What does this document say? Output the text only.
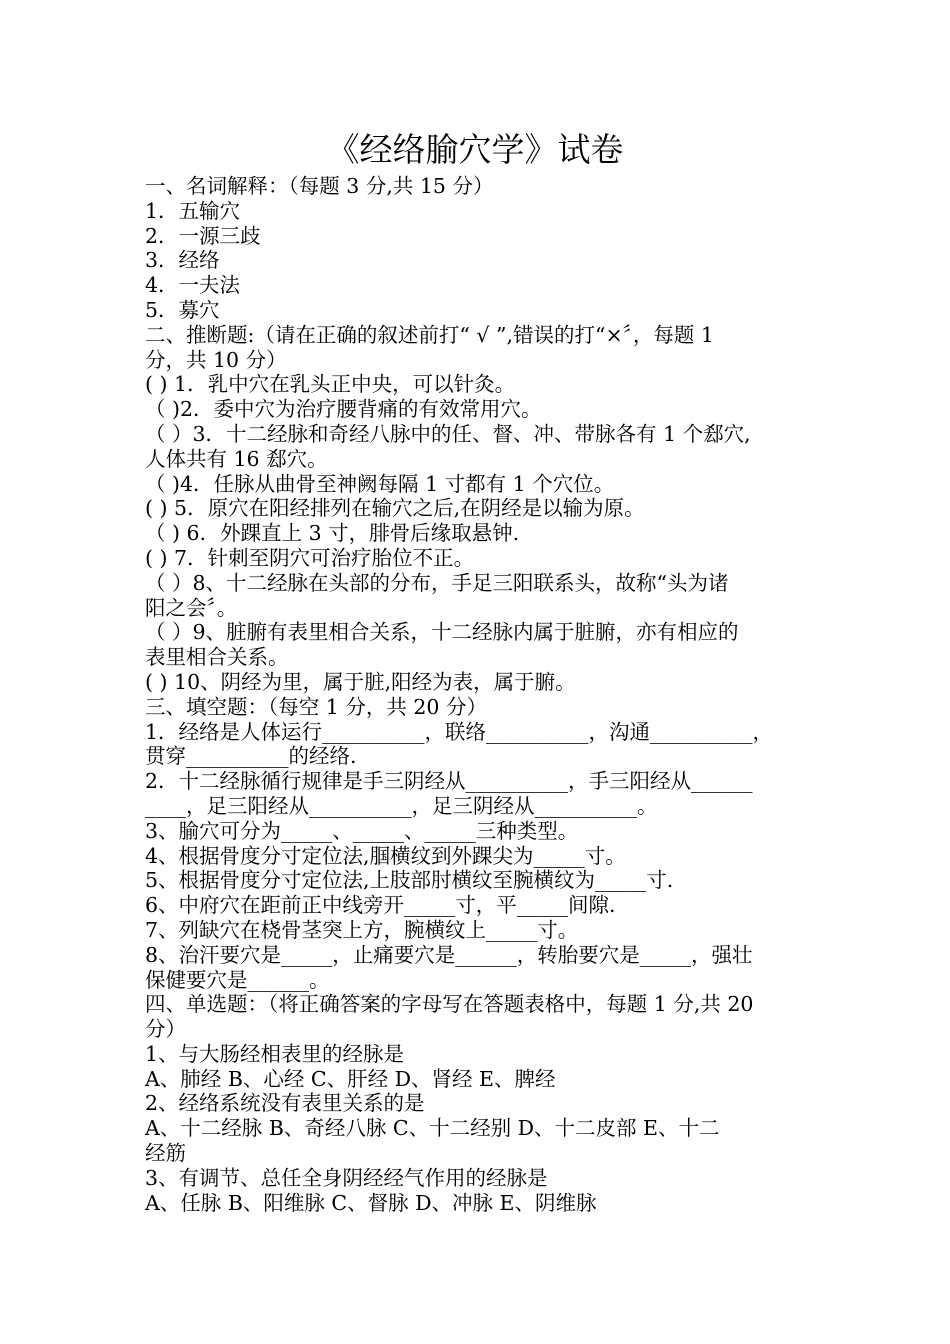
《经络腧穴学》试卷
一、名词解释：（每题 3 分,共 15 分）
1．五输穴
2．一源三歧
3．经络
4．一夫法
5．募穴
二、推断题:（请在正确的叙述前打“ √ ”,错误的打“×〞，每题 1
分，共 10 分）
( ) 1．乳中穴在乳头正中央，可以针灸。
（ )2．委中穴为治疗腰背痛的有效常用穴。
（ ）3．十二经脉和奇经八脉中的任、督、冲、带脉各有 1 个郄穴,
人体共有 16 郄穴。
（ )4．任脉从曲骨至神阙每隔 1 寸都有 1 个穴位。
( ) 5．原穴在阳经排列在输穴之后,在阴经是以输为原。
（ ) 6．外踝直上 3 寸，腓骨后缘取悬钟.
( ) 7．针刺至阴穴可治疗胎位不正。
（ ）8、十二经脉在头部的分布，手足三阳联系头，故称“头为诸
阳之会〞。
（ ）9、脏腑有表里相合关系，十二经脉内属于脏腑，亦有相应的
表里相合关系。
( ) 10、阴经为里，属于脏,阳经为表，属于腑。
三、填空题：（每空 1 分，共 20 分）
1．经络是人体运行__________，联络__________，沟通__________，
贯穿__________的经络.
2．十二经脉循行规律是手三阴经从__________，手三阳经从______
____，足三阳经从__________，足三阴经从__________。
3、腧穴可分为_____、_____、_____三种类型。
4、根据骨度分寸定位法,腘横纹到外踝尖为_____寸。
5、根据骨度分寸定位法,上肢部肘横纹至腕横纹为_____寸.
6、中府穴在距前正中线旁开_____寸，平_____间隙.
7、列缺穴在桡骨茎突上方，腕横纹上_____寸。
8、治汗要穴是_____，止痛要穴是______，转胎要穴是_____，强壮
保健要穴是______。
四、单选题：（将正确答案的字母写在答题表格中，每题 1 分,共 20
分）
1、与大肠经相表里的经脉是
A、肺经 B、心经 C、肝经 D、肾经 E、脾经
2、经络系统没有表里关系的是
A、十二经脉 B、奇经八脉 C、十二经别 D、十二皮部 E、十二
经筋
3、有调节、总任全身阴经经气作用的经脉是
A、任脉 B、阳维脉 C、督脉 D、冲脉 E、阴维脉
